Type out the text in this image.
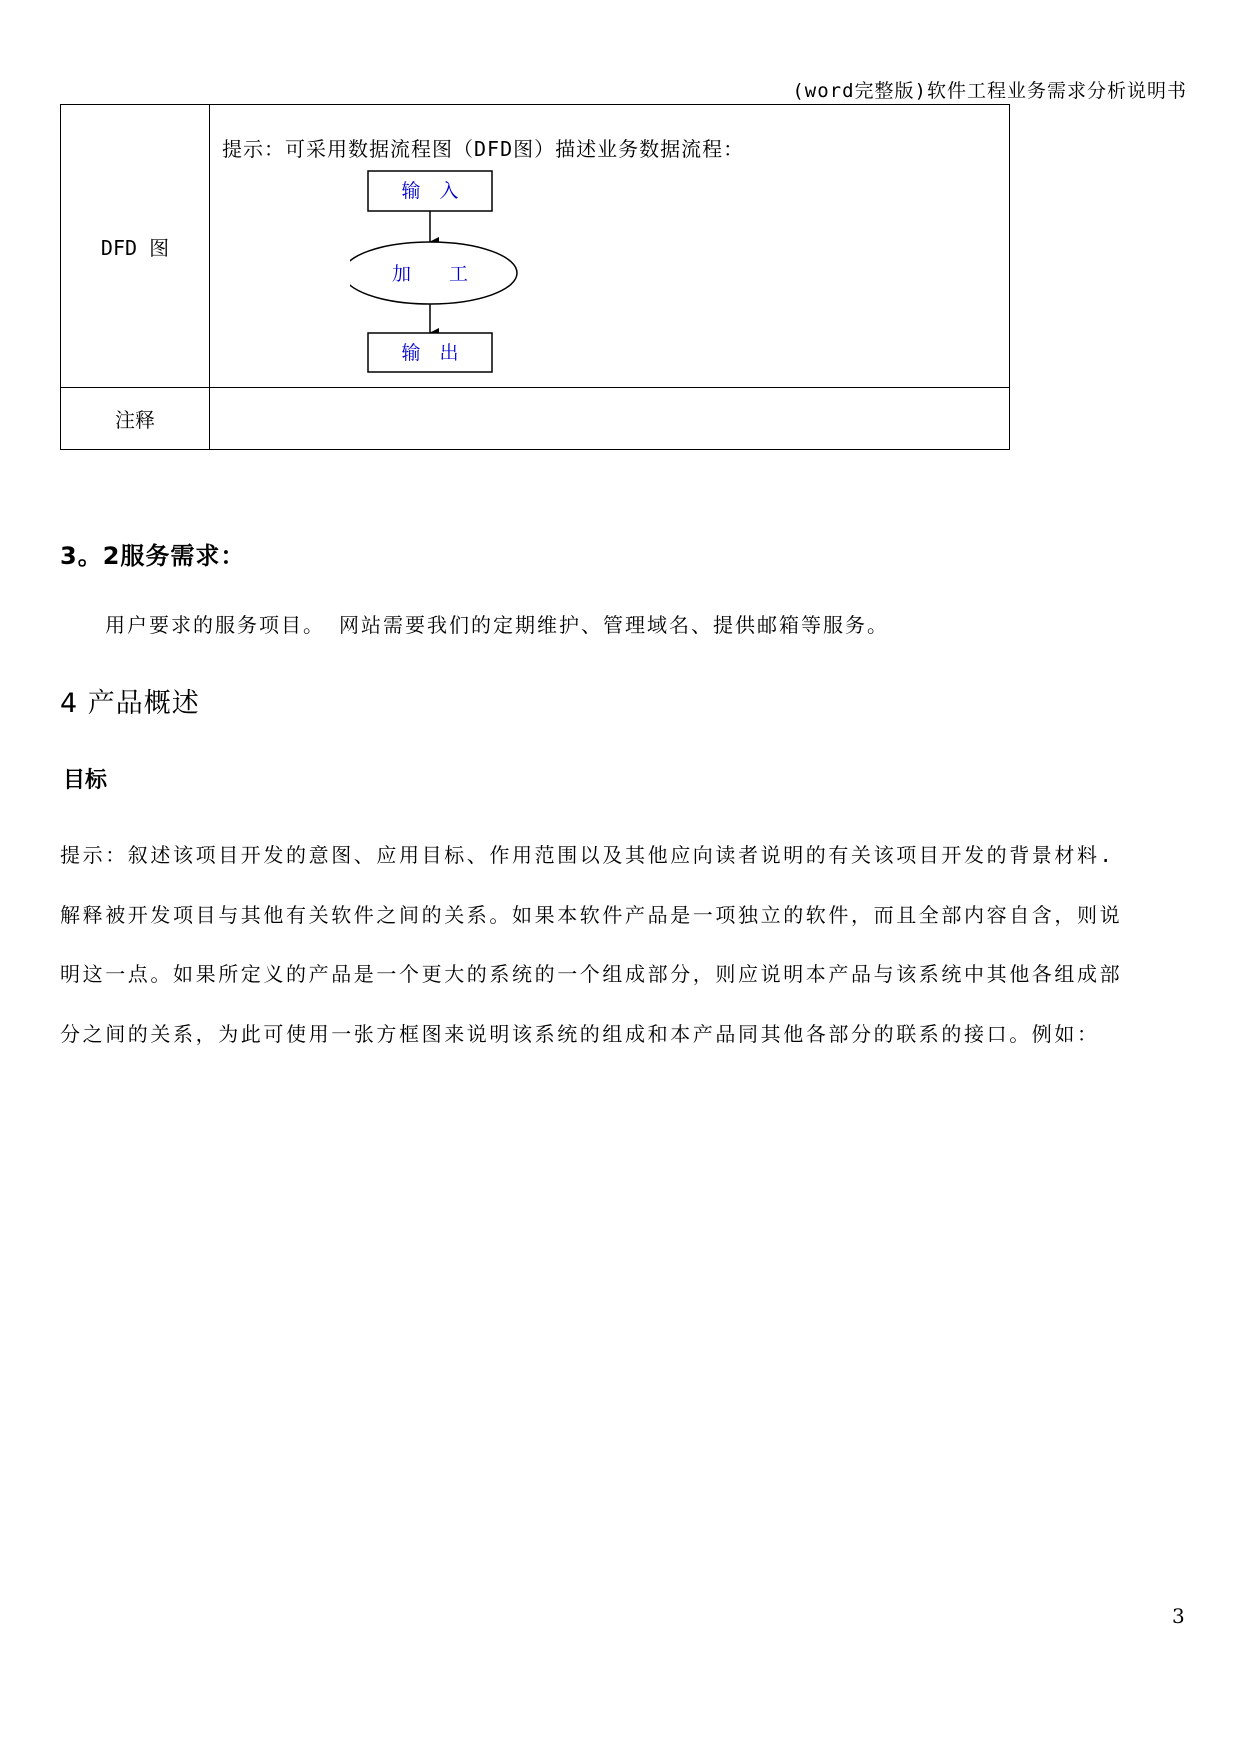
(word完整版)软件工程业务需求分析说明书
DFD 图	提示：可采用数据流程图（DFD图）描述业务数据流程：
输　入
加　　工
输　出

注释	
3。2服务需求：
用户要求的服务项目。 网站需要我们的定期维护、管理域名、提供邮箱等服务。
4 产品概述
目标

提示：叙述该项目开发的意图、应用目标、作用范围以及其他应向读者说明的有关该项目开发的背景材料.解释被开发项目与其他有关软件之间的关系。如果本软件产品是一项独立的软件，而且全部内容自含，则说明这一点。如果所定义的产品是一个更大的系统的一个组成部分，则应说明本产品与该系统中其他各组成部分之间的关系，为此可使用一张方框图来说明该系统的组成和本产品同其他各部分的联系的接口。例如：

3
